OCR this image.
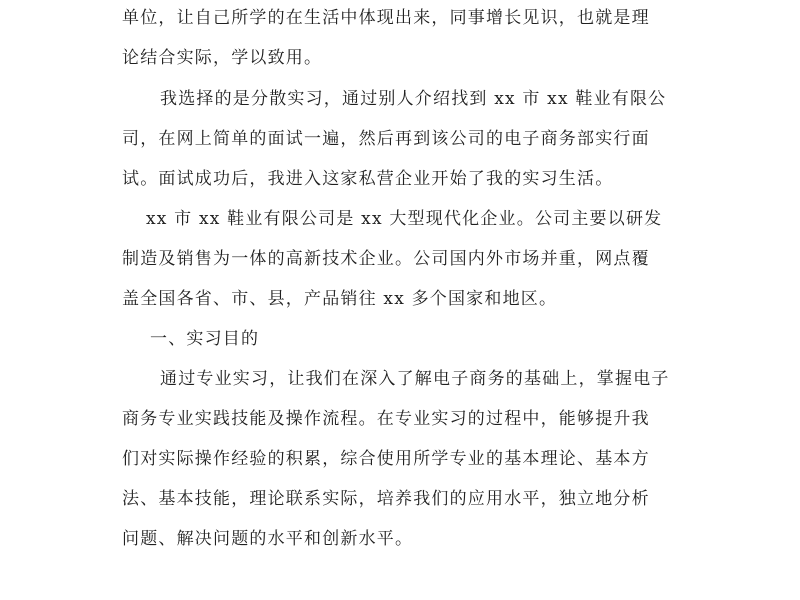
单位，让自己所学的在生活中体现出来，同事增长见识，也就是理
论结合实际，学以致用。
我选择的是分散实习，通过别人介绍找到 xx 市 xx 鞋业有限公
司，在网上简单的面试一遍，然后再到该公司的电子商务部实行面
试。面试成功后，我进入这家私营企业开始了我的实习生活。
xx 市 xx 鞋业有限公司是 xx 大型现代化企业。公司主要以研发
制造及销售为一体的高新技术企业。公司国内外市场并重，网点覆
盖全国各省、市、县，产品销往 xx 多个国家和地区。
一、实习目的
通过专业实习，让我们在深入了解电子商务的基础上，掌握电子
商务专业实践技能及操作流程。在专业实习的过程中，能够提升我
们对实际操作经验的积累，综合使用所学专业的基本理论、基本方
法、基本技能，理论联系实际，培养我们的应用水平，独立地分析
问题、解决问题的水平和创新水平。
